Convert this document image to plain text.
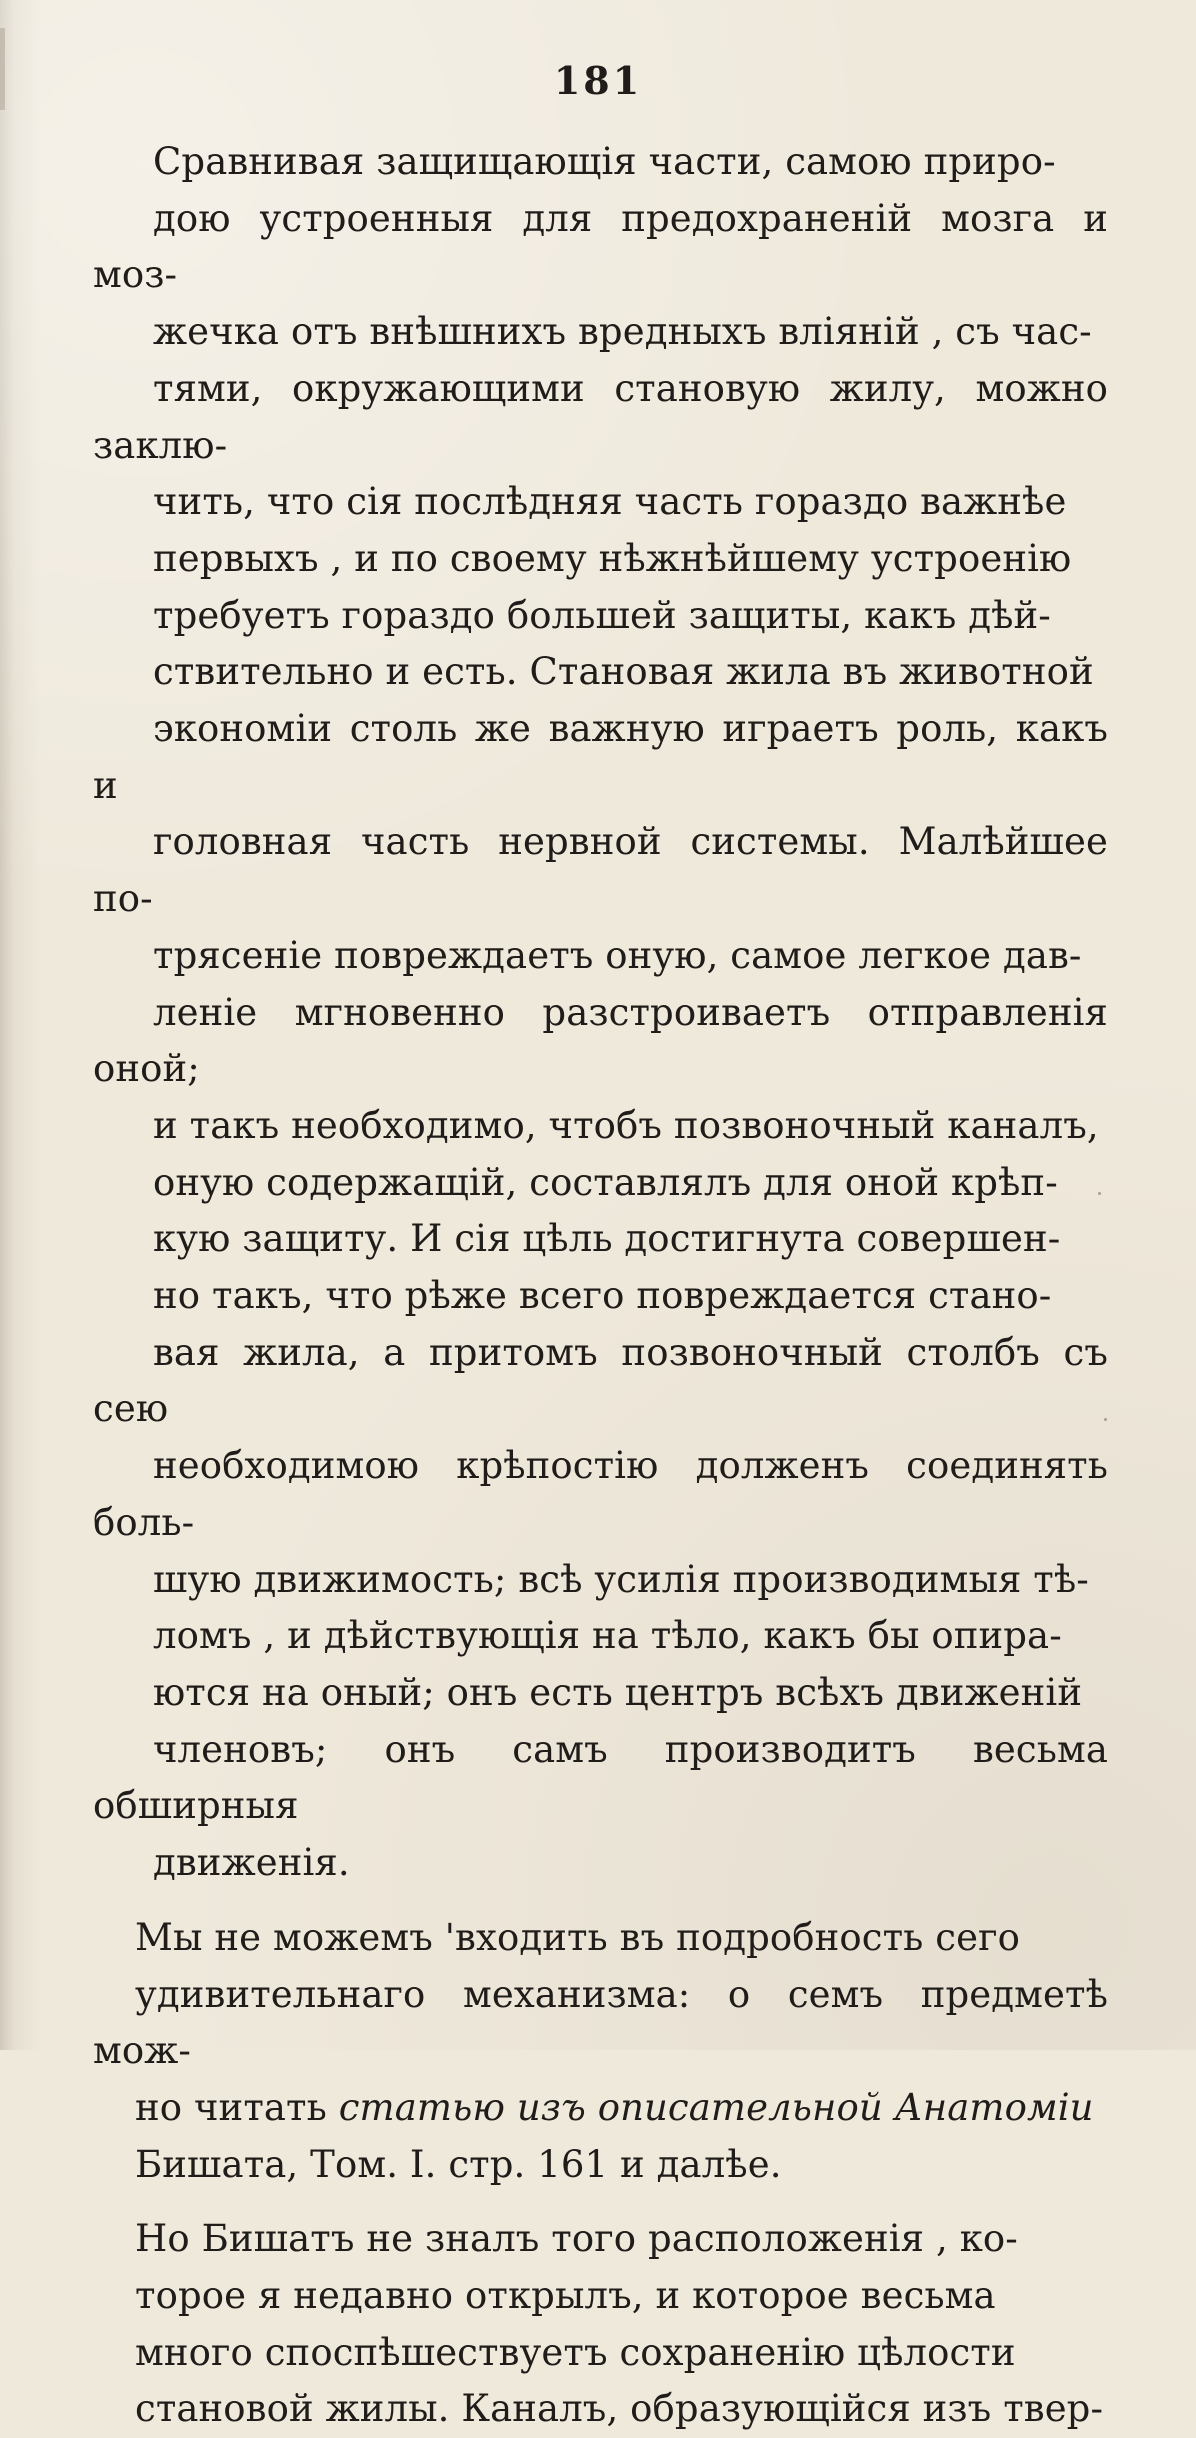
181

Сравнивая защищающія части, самою приро-
дою устроенныя для предохраненій мозга и моз-
жечка отъ внѣшнихъ вредныхъ вліяній , съ час-
тями, окружающими становую жилу, можно заклю-
чить, что сія послѣдняя часть гораздо важнѣе
первыхъ , и по своему нѣжнѣйшему устроенію
требуетъ гораздо большей защиты, какъ дѣй-
ствительно и есть. Становая жила въ животной
экономіи столь же важную играетъ роль, какъ и
головная часть нервной системы. Малѣйшее по-
трясеніе повреждаетъ оную, самое легкое дав-
леніе мгновенно разстроиваетъ отправленія оной;
и такъ необходимо, чтобъ позвоночный каналъ,
оную содержащій, составлялъ для оной крѣп-
кую защиту. И сія цѣль достигнута совершен-
но такъ, что рѣже всего повреждается стано-
вая жила, а притомъ позвоночный столбъ съ сею
необходимою крѣпостію долженъ соединять боль-
шую движимость; всѣ усилія производимыя тѣ-
ломъ , и дѣйствующія на тѣло, какъ бы опира-
ются на оный; онъ есть центръ всѣхъ движеній
членовъ; онъ самъ производитъ весьма обширныя
движенія.

Мы не можемъ 'входить въ подробность сего
удивительнаго механизма: о семъ предметѣ мож-
но читать статью изъ описательной Анатоміи
Бишата, Том. I. стр. 161 и далѣе.

Но Бишатъ не зналъ того расположенія , ко-
торое я недавно открылъ, и которое весьма
много споспѣшествуетъ сохраненію цѣлости
становой жилы. Каналъ, образующійся изъ твер-
